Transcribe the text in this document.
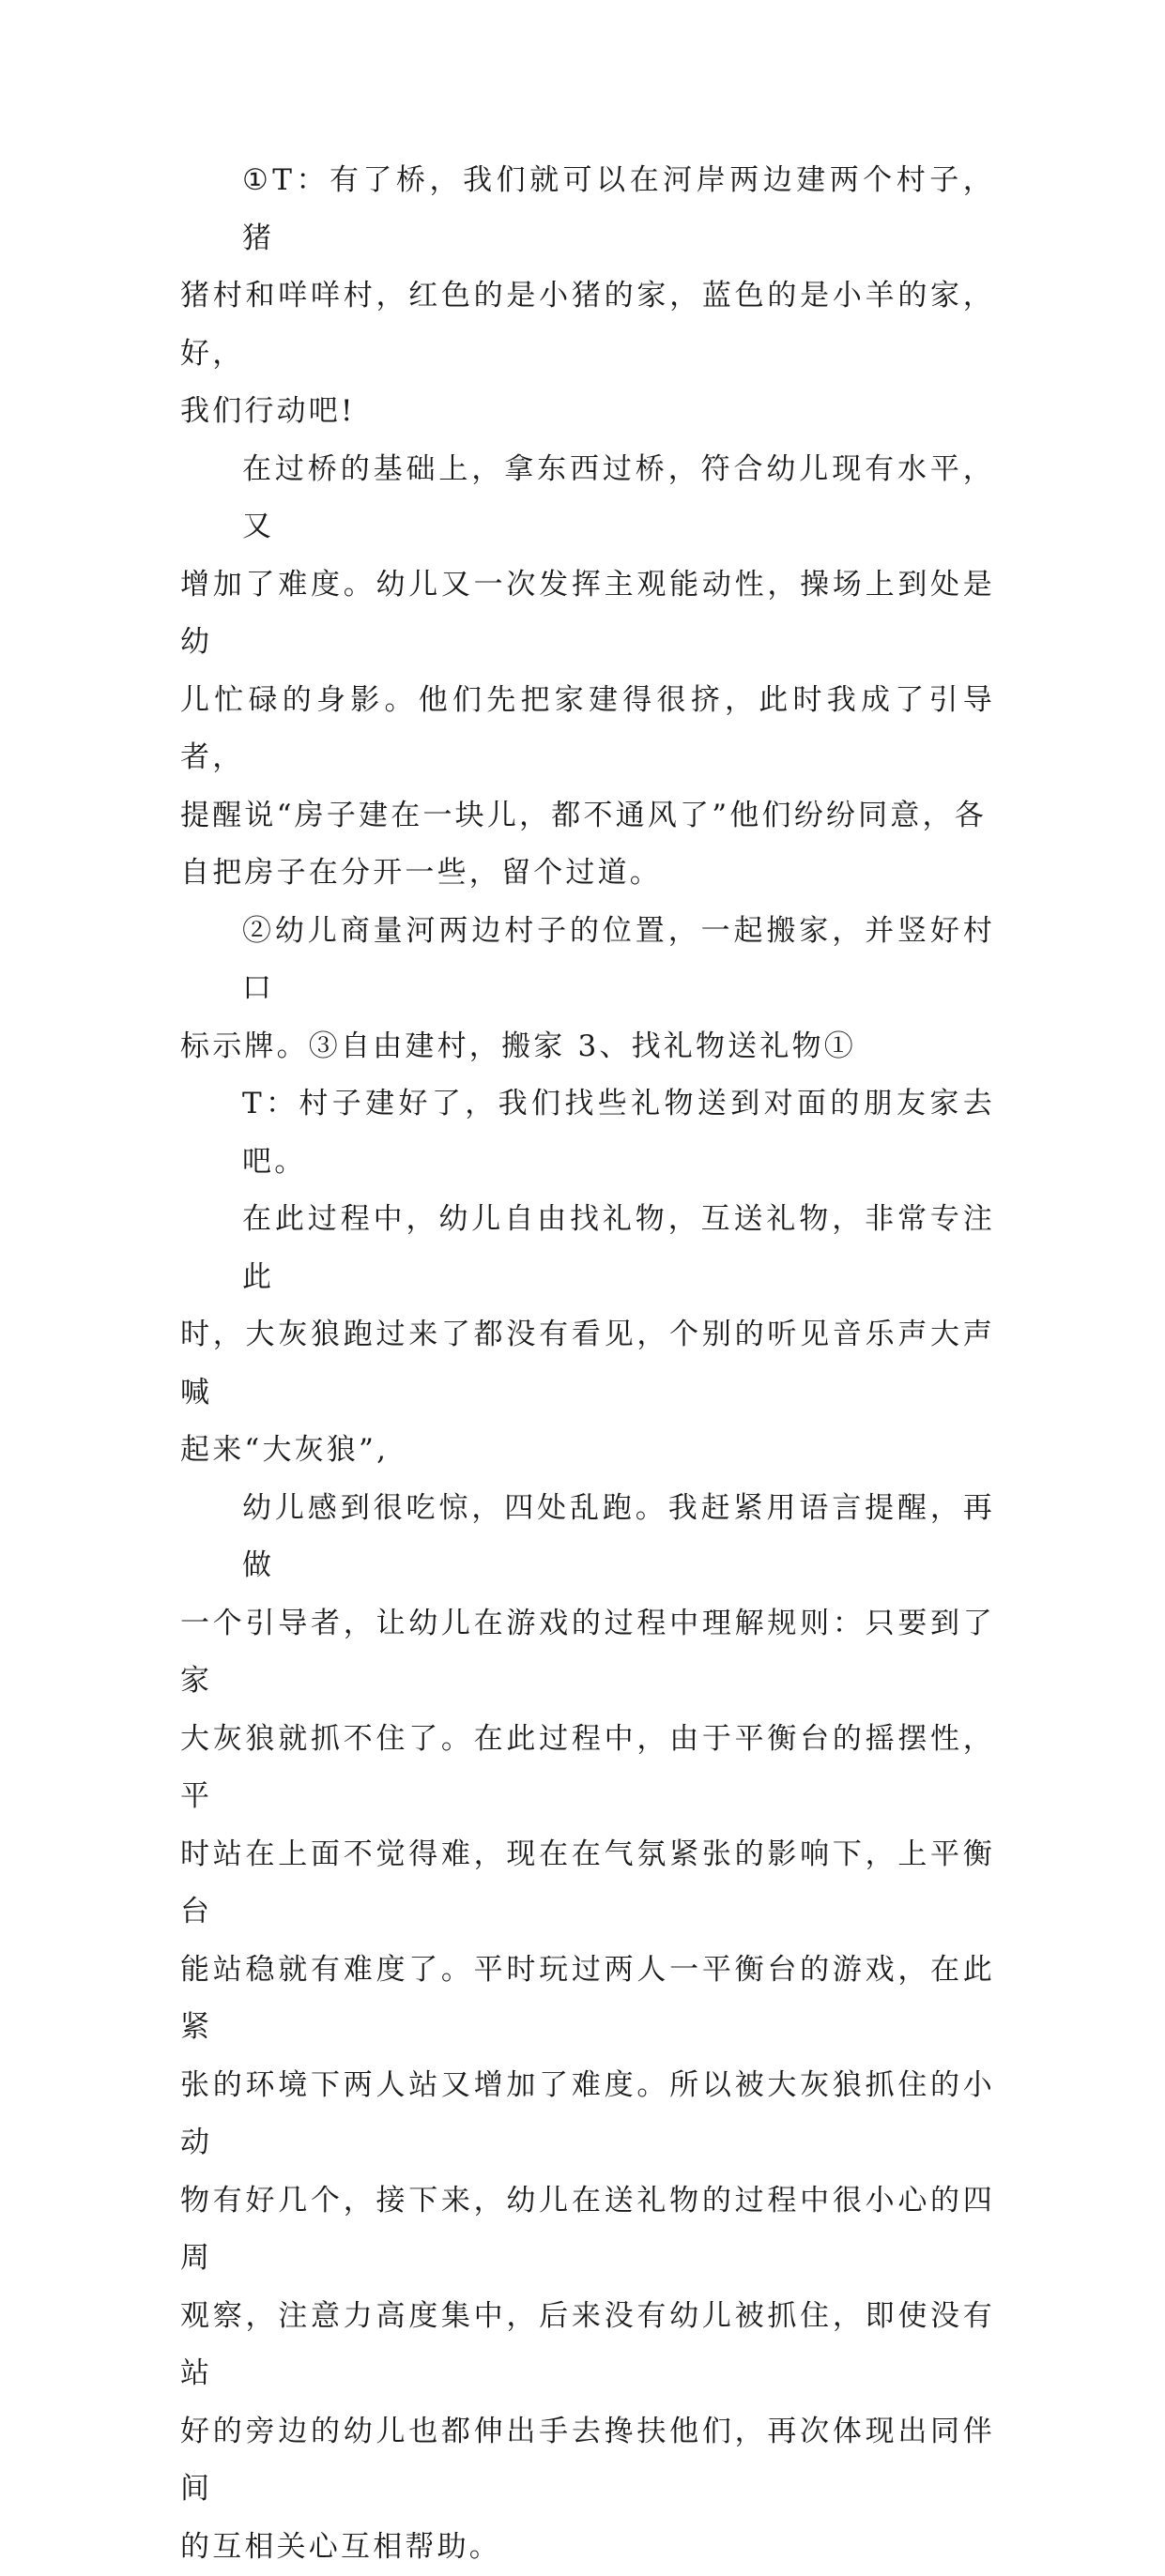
①T：有了桥，我们就可以在河岸两边建两个村子，猪
猪村和咩咩村，红色的是小猪的家，蓝色的是小羊的家，好，
我们行动吧!

在过桥的基础上，拿东西过桥，符合幼儿现有水平，又
增加了难度。幼儿又一次发挥主观能动性，操场上到处是幼
儿忙碌的身影。他们先把家建得很挤，此时我成了引导者，
提醒说“房子建在一块儿，都不通风了”他们纷纷同意，各
自把房子在分开一些，留个过道。

②幼儿商量河两边村子的位置，一起搬家，并竖好村口
标示牌。③自由建村，搬家 3、找礼物送礼物①

T：村子建好了，我们找些礼物送到对面的朋友家去吧。

在此过程中，幼儿自由找礼物，互送礼物，非常专注此
时，大灰狼跑过来了都没有看见，个别的听见音乐声大声喊
起来“大灰狼”,

幼儿感到很吃惊，四处乱跑。我赶紧用语言提醒，再做
一个引导者，让幼儿在游戏的过程中理解规则：只要到了家
大灰狼就抓不住了。在此过程中，由于平衡台的摇摆性，平
时站在上面不觉得难，现在在气氛紧张的影响下，上平衡台
能站稳就有难度了。平时玩过两人一平衡台的游戏，在此紧
张的环境下两人站又增加了难度。所以被大灰狼抓住的小动
物有好几个，接下来，幼儿在送礼物的过程中很小心的四周
观察，注意力高度集中，后来没有幼儿被抓住，即使没有站
好的旁边的幼儿也都伸出手去搀扶他们，再次体现出同伴间
的互相关心互相帮助。
